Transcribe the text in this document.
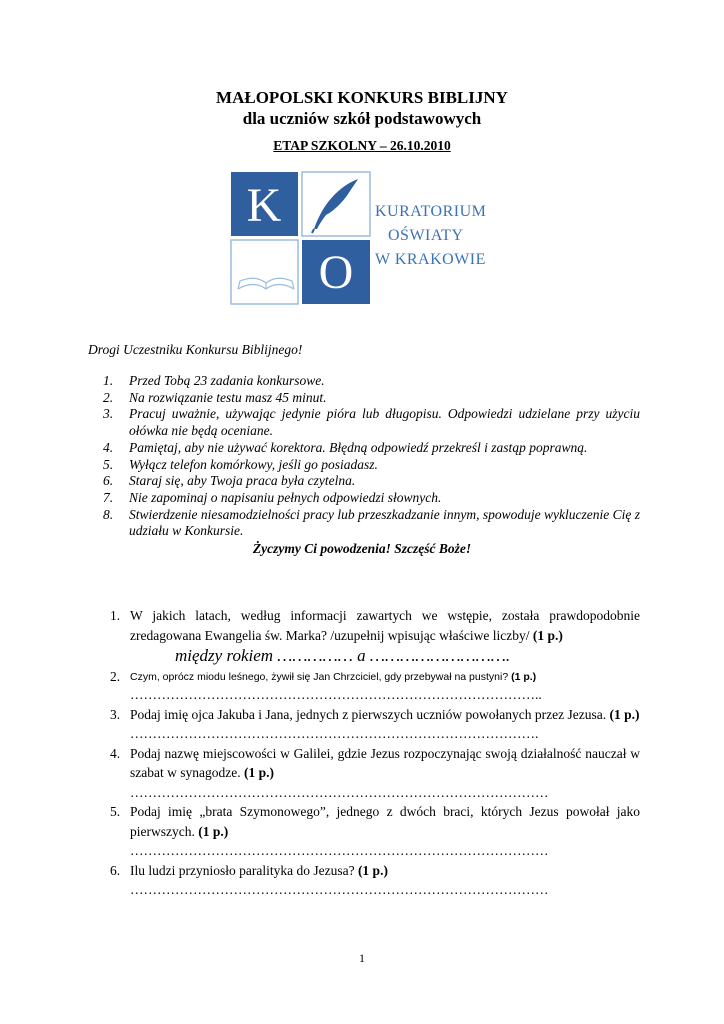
MAŁOPOLSKI KONKURS BIBLIJNY
dla uczniów szkół podstawowych
ETAP SZKOLNY – 26.10.2010
K
O
KURATORIUM
OŚWIATY
W KRAKOWIE
Drogi Uczestniku Konkursu Biblijnego!
1. Przed Tobą 23 zadania konkursowe.
2. Na rozwiązanie testu masz 45 minut.
3. Pracuj uważnie, używając jedynie pióra lub długopisu. Odpowiedzi udzielane przy użyciu ołówka nie będą oceniane.
4. Pamiętaj, aby nie używać korektora. Błędną odpowiedź przekreśl i zastąp poprawną.
5. Wyłącz telefon komórkowy, jeśli go posiadasz.
6. Staraj się, aby Twoja praca była czytelna.
7. Nie zapominaj o napisaniu pełnych odpowiedzi słownych.
8. Stwierdzenie niesamodzielności pracy lub przeszkadzanie innym, spowoduje wykluczenie Cię z udziału w Konkursie.
Życzymy Ci powodzenia! Szczęść Boże!
1. W jakich latach, według informacji zawartych we wstępie, została prawdopodobnie zredagowana Ewangelia św. Marka? /uzupełnij wpisując właściwe liczby/ (1 p.)
między rokiem …………… a ……………………….
2. Czym, oprócz miodu leśnego, żywił się Jan Chrzciciel, gdy przebywał na pustyni? (1 p.)
………………………………………………………………………………..
3. Podaj imię ojca Jakuba i Jana, jednych z pierwszych uczniów powołanych przez Jezusa. (1 p.)
……………………………………………………………………………….
4. Podaj nazwę miejscowości w Galilei, gdzie Jezus rozpoczynając swoją działalność nauczał w szabat w synagodze. (1 p.)
…………………………………………………………………………………
5. Podaj imię „brata Szymonowego”, jednego z dwóch braci, których Jezus powołał jako pierwszych. (1 p.)
…………………………………………………………………………………
6. Ilu ludzi przyniosło paralityka do Jezusa? (1 p.)
…………………………………………………………………………………
1
